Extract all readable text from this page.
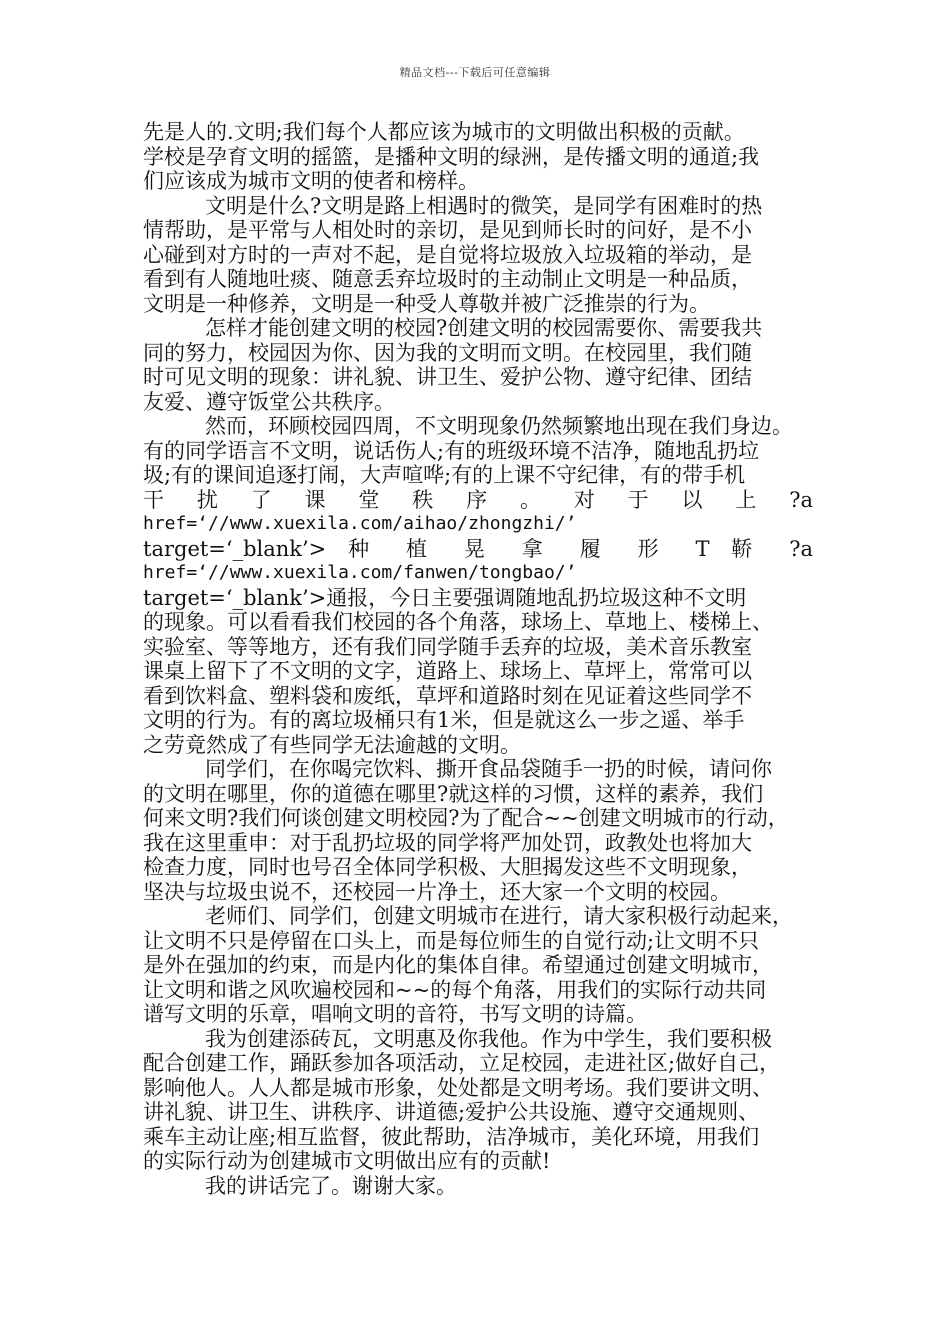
精品文档---下载后可任意编辑
先是人的.文明;我们每个人都应该为城市的文明做出积极的贡献。
学校是孕育文明的摇篮，是播种文明的绿洲，是传播文明的通道;我
们应该成为城市文明的使者和榜样。
文明是什么?文明是路上相遇时的微笑，是同学有困难时的热
情帮助，是平常与人相处时的亲切，是见到师长时的问好，是不小
心碰到对方时的一声对不起，是自觉将垃圾放入垃圾箱的举动，是
看到有人随地吐痰、随意丢弃垃圾时的主动制止文明是一种品质，
文明是一种修养，文明是一种受人尊敬并被广泛推崇的行为。
怎样才能创建文明的校园?创建文明的校园需要你、需要我共
同的努力，校园因为你、因为我的文明而文明。在校园里，我们随
时可见文明的现象：讲礼貌、讲卫生、爱护公物、遵守纪律、团结
友爱、遵守饭堂公共秩序。
然而，环顾校园四周，不文明现象仍然频繁地出现在我们身边。
有的同学语言不文明，说话伤人;有的班级环境不洁净，随地乱扔垃
圾;有的课间追逐打闹，大声喧哗;有的上课不守纪律，有的带手机
干 扰 了 课 堂 秩 序 。 对 于 以 上 ?a
href=‘//www.xuexila.com/aihao/zhongzhi/’
target=‘_blank’> 种 植 晃 拿 履 形 T 鞒 ?a
href=‘//www.xuexila.com/fanwen/tongbao/’
target=‘_blank’>通报，今日主要强调随地乱扔垃圾这种不文明
的现象。可以看看我们校园的各个角落，球场上、草地上、楼梯上、
实验室、等等地方，还有我们同学随手丢弃的垃圾，美术音乐教室
课桌上留下了不文明的文字，道路上、球场上、草坪上，常常可以
看到饮料盒、塑料袋和废纸，草坪和道路时刻在见证着这些同学不
文明的行为。有的离垃圾桶只有1米，但是就这么一步之遥、举手
之劳竟然成了有些同学无法逾越的文明。
同学们，在你喝完饮料、撕开食品袋随手一扔的时候，请问你
的文明在哪里，你的道德在哪里?就这样的习惯，这样的素养，我们
何来文明?我们何谈创建文明校园?为了配合~~创建文明城市的行动，
我在这里重申：对于乱扔垃圾的同学将严加处罚，政教处也将加大
检查力度，同时也号召全体同学积极、大胆揭发这些不文明现象，
坚决与垃圾虫说不，还校园一片净土，还大家一个文明的校园。
老师们、同学们，创建文明城市在进行，请大家积极行动起来，
让文明不只是停留在口头上，而是每位师生的自觉行动;让文明不只
是外在强加的约束，而是内化的集体自律。希望通过创建文明城市，
让文明和谐之风吹遍校园和~~的每个角落，用我们的实际行动共同
谱写文明的乐章，唱响文明的音符，书写文明的诗篇。
我为创建添砖瓦，文明惠及你我他。作为中学生，我们要积极
配合创建工作，踊跃参加各项活动，立足校园，走进社区;做好自己，
影响他人。人人都是城市形象，处处都是文明考场。我们要讲文明、
讲礼貌、讲卫生、讲秩序、讲道德;爱护公共设施、遵守交通规则、
乘车主动让座;相互监督，彼此帮助，洁净城市，美化环境，用我们
的实际行动为创建城市文明做出应有的贡献!
我的讲话完了。谢谢大家。
